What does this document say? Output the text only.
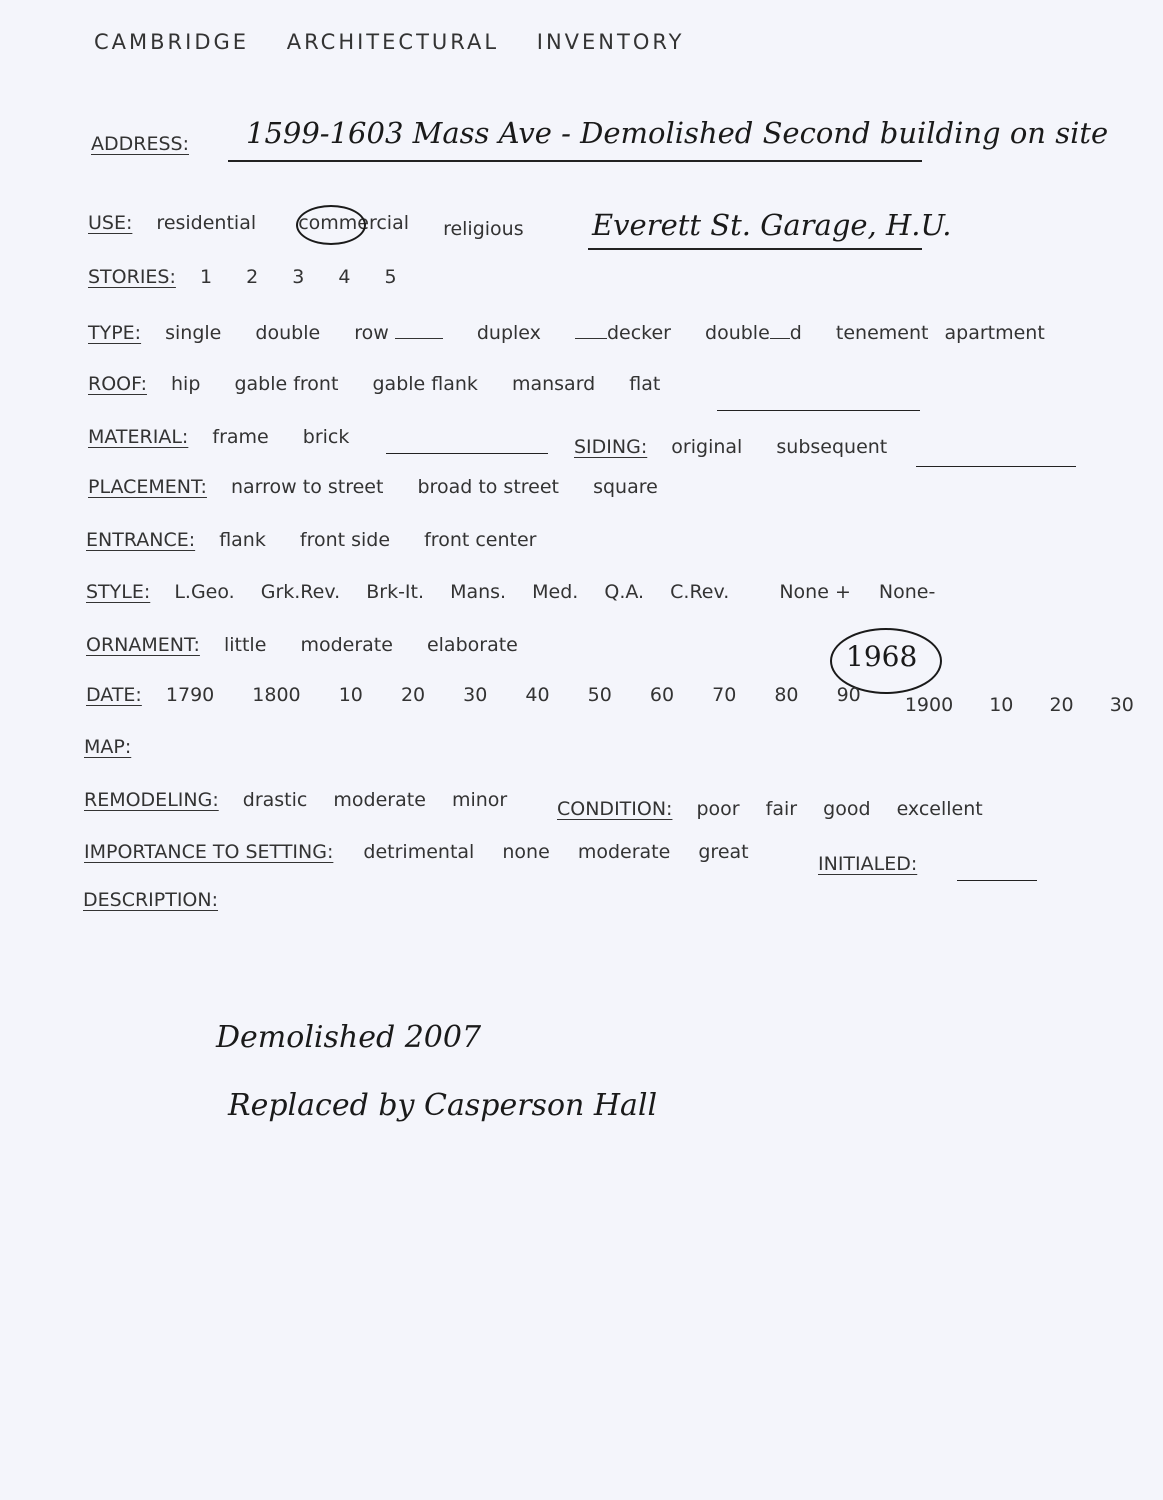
CAMBRIDGE ARCHITECTURAL INVENTORY
ADDRESS:	1599-1603 Mass Ave - Demolished Second building on site
USE: residential commercial religious	Everett St. Garage, H.U.
STORIES: 1 2 3 4 5
TYPE: single double row	duplex	decker double d tenement apartment
ROOF: hip gable front gable flank mansard flat
MATERIAL: frame brick	SIDING: original subsequent
PLACEMENT: narrow to street broad to street square
ENTRANCE: flank front side front center
STYLE: L.Geo. Grk.Rev. Brk-It. Mans. Med. Q.A. C.Rev.	None + None-
ORNAMENT: little moderate elaborate	1968
DATE: 1790 1800 10 20 30 40 50 60 70 80 90 1900 10 20 30
MAP:
REMODELING: drastic moderate minor	CONDITION: poor fair good excellent
IMPORTANCE TO SETTING: detrimental none moderate great
INITIALED:
DESCRIPTION:
Demolished 2007
Replaced by Casperson Hall
